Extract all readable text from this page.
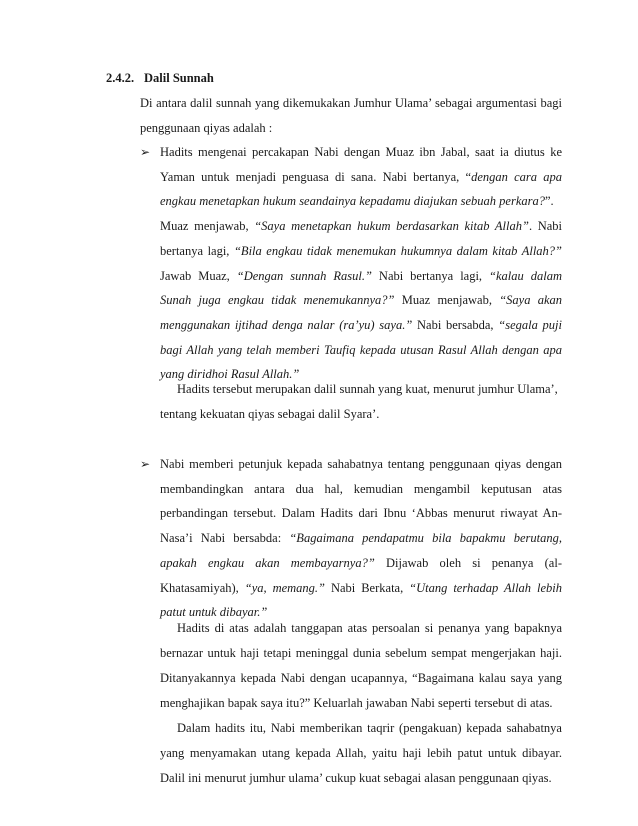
2.4.2. Dalil Sunnah
Di antara dalil sunnah yang dikemukakan Jumhur Ulama’ sebagai argumentasi bagi
penggunaan qiyas adalah :
➢ Hadits mengenai percakapan Nabi dengan Muaz ibn Jabal, saat ia diutus ke
Yaman untuk menjadi penguasa di sana. Nabi bertanya, “dengan cara apa
engkau menetapkan hukum seandainya kepadamu diajukan sebuah perkara?”.
Muaz menjawab, “Saya menetapkan hukum berdasarkan kitab Allah”. Nabi
bertanya lagi, “Bila engkau tidak menemukan hukumnya dalam kitab Allah?”
Jawab Muaz, “Dengan sunnah Rasul.” Nabi bertanya lagi, “kalau dalam
Sunah juga engkau tidak menemukannya?” Muaz menjawab, “Saya akan
menggunakan ijtihad denga nalar (ra’yu) saya.” Nabi bersabda, “segala puji
bagi Allah yang telah memberi Taufiq kepada utusan Rasul Allah dengan apa
yang diridhoi Rasul Allah.”
Hadits tersebut merupakan dalil sunnah yang kuat, menurut jumhur Ulama’,
tentang kekuatan qiyas sebagai dalil Syara’.
➢ Nabi memberi petunjuk kepada sahabatnya tentang penggunaan qiyas dengan
membandingkan antara dua hal, kemudian mengambil keputusan atas
perbandingan tersebut. Dalam Hadits dari Ibnu ‘Abbas menurut riwayat An-
Nasa’i Nabi bersabda: “Bagaimana pendapatmu bila bapakmu berutang,
apakah engkau akan membayarnya?” Dijawab oleh si penanya (al-
Khatasamiyah), “ya, memang.” Nabi Berkata, “Utang terhadap Allah lebih
patut untuk dibayar.”
Hadits di atas adalah tanggapan atas persoalan si penanya yang bapaknya
bernazar untuk haji tetapi meninggal dunia sebelum sempat mengerjakan haji.
Ditanyakannya kepada Nabi dengan ucapannya, “Bagaimana kalau saya yang
menghajikan bapak saya itu?” Keluarlah jawaban Nabi seperti tersebut di atas.
Dalam hadits itu, Nabi memberikan taqrir (pengakuan) kepada sahabatnya
yang menyamakan utang kepada Allah, yaitu haji lebih patut untuk dibayar.
Dalil ini menurut jumhur ulama’ cukup kuat sebagai alasan penggunaan qiyas.
